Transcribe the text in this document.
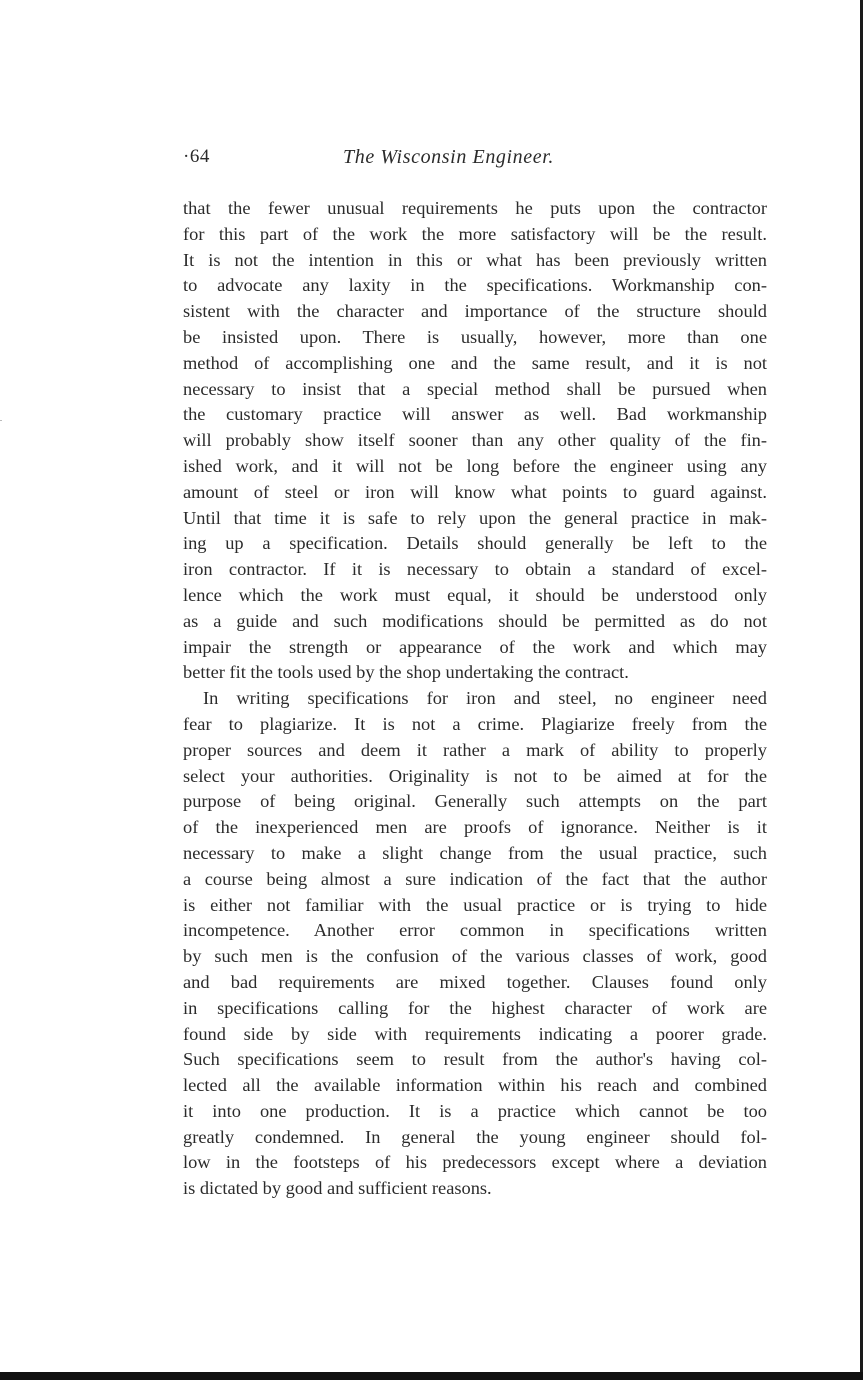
·64	The Wisconsin Engineer.

that the fewer unusual requirements he puts upon the contractor
for this part of the work the more satisfactory will be the result.
It is not the intention in this or what has been previously written
to advocate any laxity in the specifications. Workmanship con-
sistent with the character and importance of the structure should
be insisted upon. There is usually, however, more than one
method of accomplishing one and the same result, and it is not
necessary to insist that a special method shall be pursued when
the customary practice will answer as well. Bad workmanship
will probably show itself sooner than any other quality of the fin-
ished work, and it will not be long before the engineer using any
amount of steel or iron will know what points to guard against.
Until that time it is safe to rely upon the general practice in mak-
ing up a specification. Details should generally be left to the
iron contractor. If it is necessary to obtain a standard of excel-
lence which the work must equal, it should be understood only
as a guide and such modifications should be permitted as do not
impair the strength or appearance of the work and which may
better fit the tools used by the shop undertaking the contract.

In writing specifications for iron and steel, no engineer need
fear to plagiarize. It is not a crime. Plagiarize freely from the
proper sources and deem it rather a mark of ability to properly
select your authorities. Originality is not to be aimed at for the
purpose of being original. Generally such attempts on the part
of the inexperienced men are proofs of ignorance. Neither is it
necessary to make a slight change from the usual practice, such
a course being almost a sure indication of the fact that the author
is either not familiar with the usual practice or is trying to hide
incompetence. Another error common in specifications written
by such men is the confusion of the various classes of work, good
and bad requirements are mixed together. Clauses found only
in specifications calling for the highest character of work are
found side by side with requirements indicating a poorer grade.
Such specifications seem to result from the author's having col-
lected all the available information within his reach and combined
it into one production. It is a practice which cannot be too
greatly condemned. In general the young engineer should fol-
low in the footsteps of his predecessors except where a deviation
is dictated by good and sufficient reasons.
